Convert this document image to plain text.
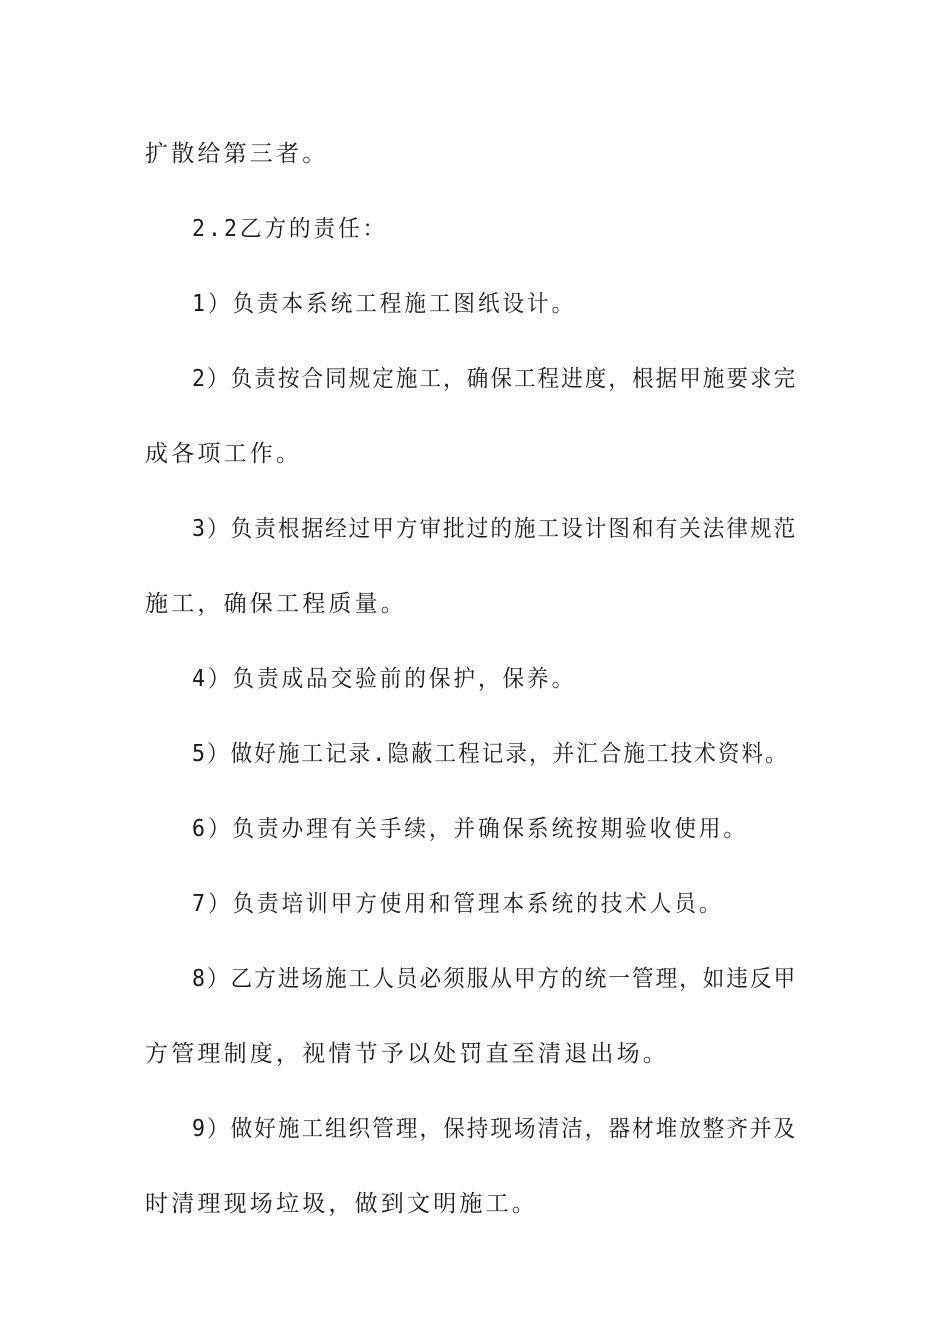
扩散给第三者。
2.2乙方的责任：
1）负责本系统工程施工图纸设计。
2）负责按合同规定施工，确保工程进度，根据甲施要求完
成各项工作。
3）负责根据经过甲方审批过的施工设计图和有关法律规范
施工，确保工程质量。
4）负责成品交验前的保护，保养。
5）做好施工记录.隐蔽工程记录，并汇合施工技术资料。
6）负责办理有关手续，并确保系统按期验收使用。
7）负责培训甲方使用和管理本系统的技术人员。
8）乙方进场施工人员必须服从甲方的统一管理，如违反甲
方管理制度，视情节予以处罚直至清退出场。
9）做好施工组织管理，保持现场清洁，器材堆放整齐并及
时清理现场垃圾，做到文明施工。
